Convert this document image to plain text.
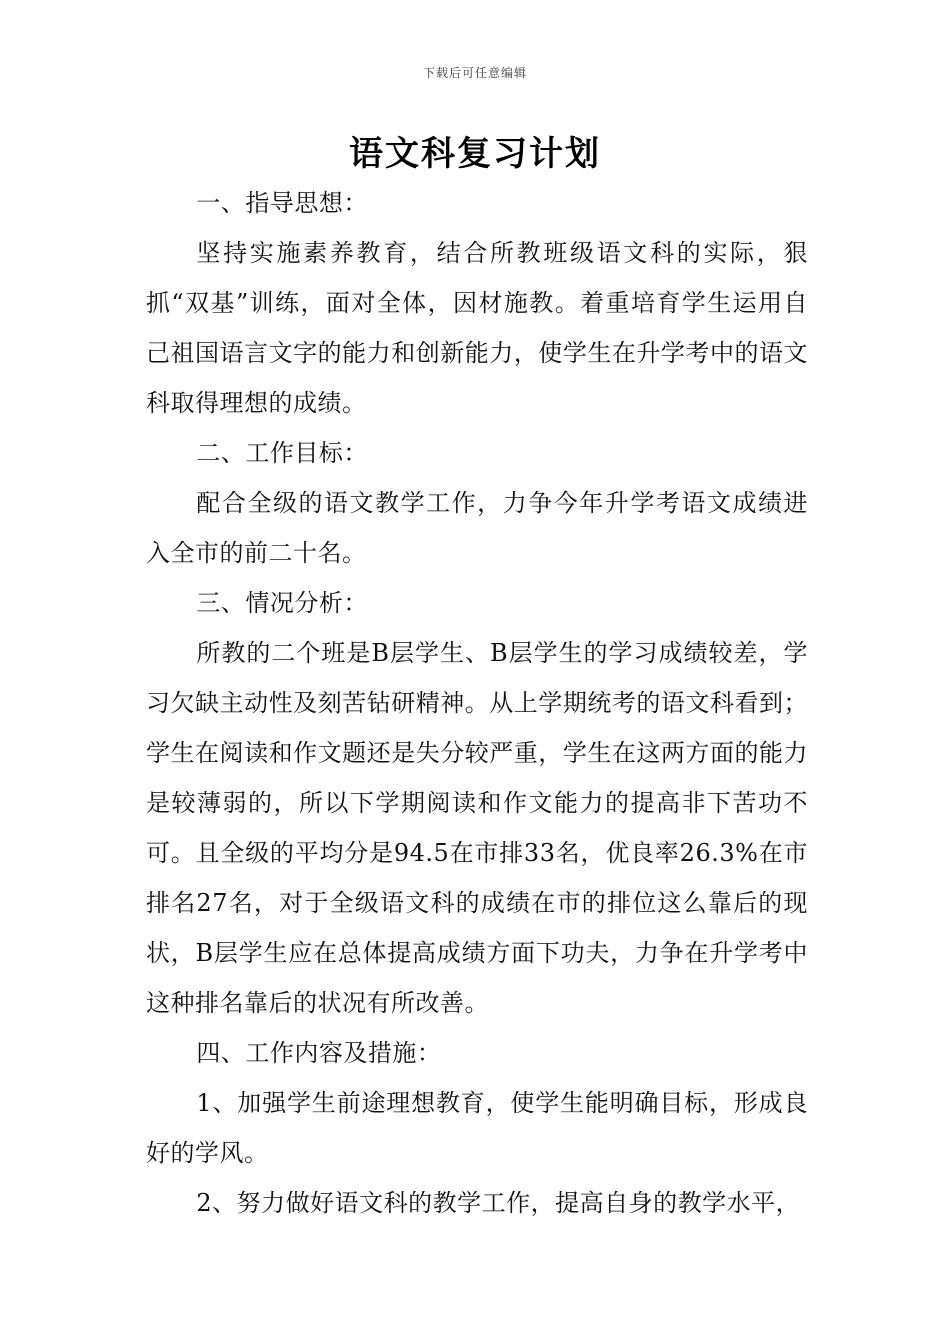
下载后可任意编辑
语文科复习计划

一、指导思想：

坚持实施素养教育，结合所教班级语文科的实际，狠抓“双基”训练，面对全体，因材施教。着重培育学生运用自己祖国语言文字的能力和创新能力，使学生在升学考中的语文科取得理想的成绩。

二、工作目标：

配合全级的语文教学工作，力争今年升学考语文成绩进入全市的前二十名。

三、情况分析：

所教的二个班是B层学生、B层学生的学习成绩较差，学习欠缺主动性及刻苦钻研精神。从上学期统考的语文科看到；学生在阅读和作文题还是失分较严重，学生在这两方面的能力是较薄弱的，所以下学期阅读和作文能力的提高非下苦功不可。且全级的平均分是94.5在市排33名，优良率26.3%在市排名27名，对于全级语文科的成绩在市的排位这么靠后的现状，B层学生应在总体提高成绩方面下功夫，力争在升学考中这种排名靠后的状况有所改善。

四、工作内容及措施：

1、加强学生前途理想教育，使学生能明确目标，形成良好的学风。

2、努力做好语文科的教学工作，提高自身的教学水平，
